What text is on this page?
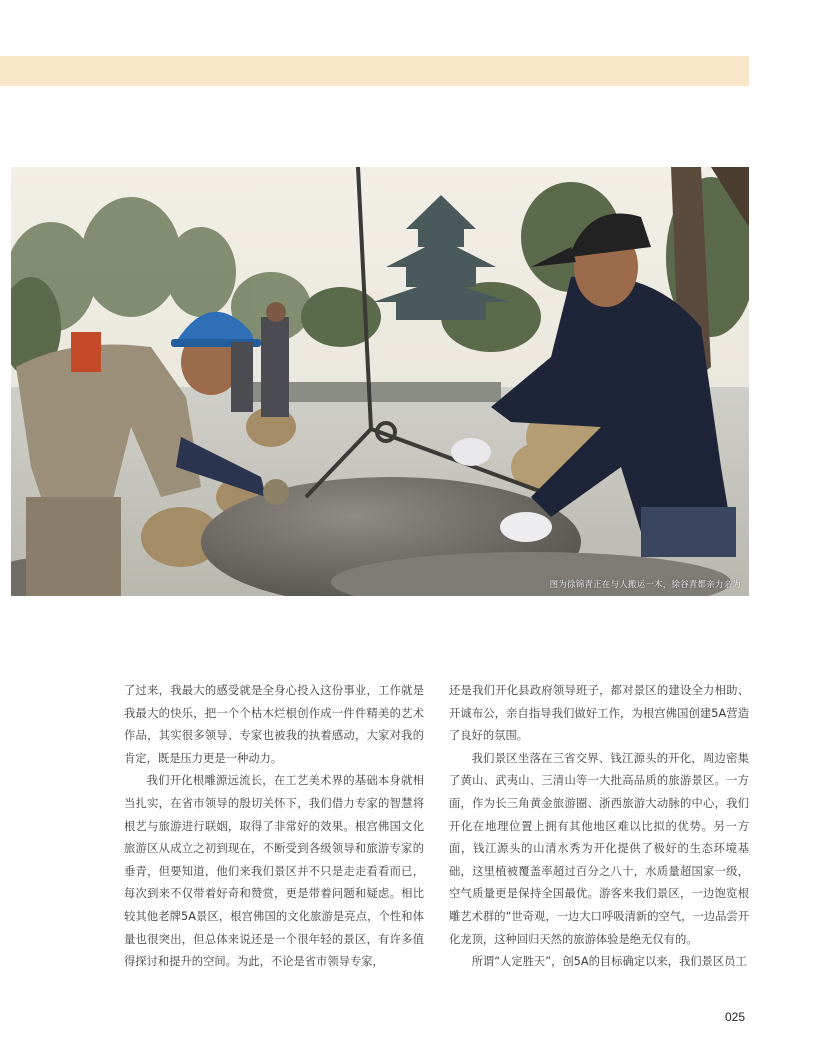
图为徐锦青正在与人搬运一木，徐谷青都亲力亲为

了过来，我最大的感受就是全身心投入这份事业，工作就是我最大的快乐，把一个个枯木烂根创作成一件件精美的艺术作品，其实很多领导、专家也被我的执着感动，大家对我的肯定，既是压力更是一种动力。

我们开化根雕源远流长，在工艺美术界的基础本身就相当扎实，在省市领导的殷切关怀下，我们借力专家的智慧将根艺与旅游进行联姻，取得了非常好的效果。根宫佛国文化旅游区从成立之初到现在，不断受到各级领导和旅游专家的垂青，但要知道，他们来我们景区并不只是走走看看而已，每次到来不仅带着好奇和赞赏，更是带着问题和疑虑。相比较其他老牌5A景区，根宫佛国的文化旅游是亮点，个性和体量也很突出，但总体来说还是一个很年轻的景区，有许多值得探讨和提升的空间。为此，不论是省市领导专家，

还是我们开化县政府领导班子，都对景区的建设全力相助、开诚布公，亲自指导我们做好工作，为根宫佛国创建5A营造了良好的氛围。

我们景区坐落在三省交界、钱江源头的开化，周边密集了黄山、武夷山、三清山等一大批高品质的旅游景区。一方面，作为长三角黄金旅游圈、浙西旅游大动脉的中心，我们开化在地理位置上拥有其他地区难以比拟的优势。另一方面，钱江源头的山清水秀为开化提供了极好的生态环境基础，这里植被覆盖率超过百分之八十，水质量超国家一级，空气质量更是保持全国最优。游客来我们景区，一边饱览根雕艺术群的“世奇观，一边大口呼吸清新的空气，一边品尝开化龙顶，这种回归天然的旅游体验是绝无仅有的。

所谓“人定胜天”，创5A的目标确定以来，我们景区员工

025
